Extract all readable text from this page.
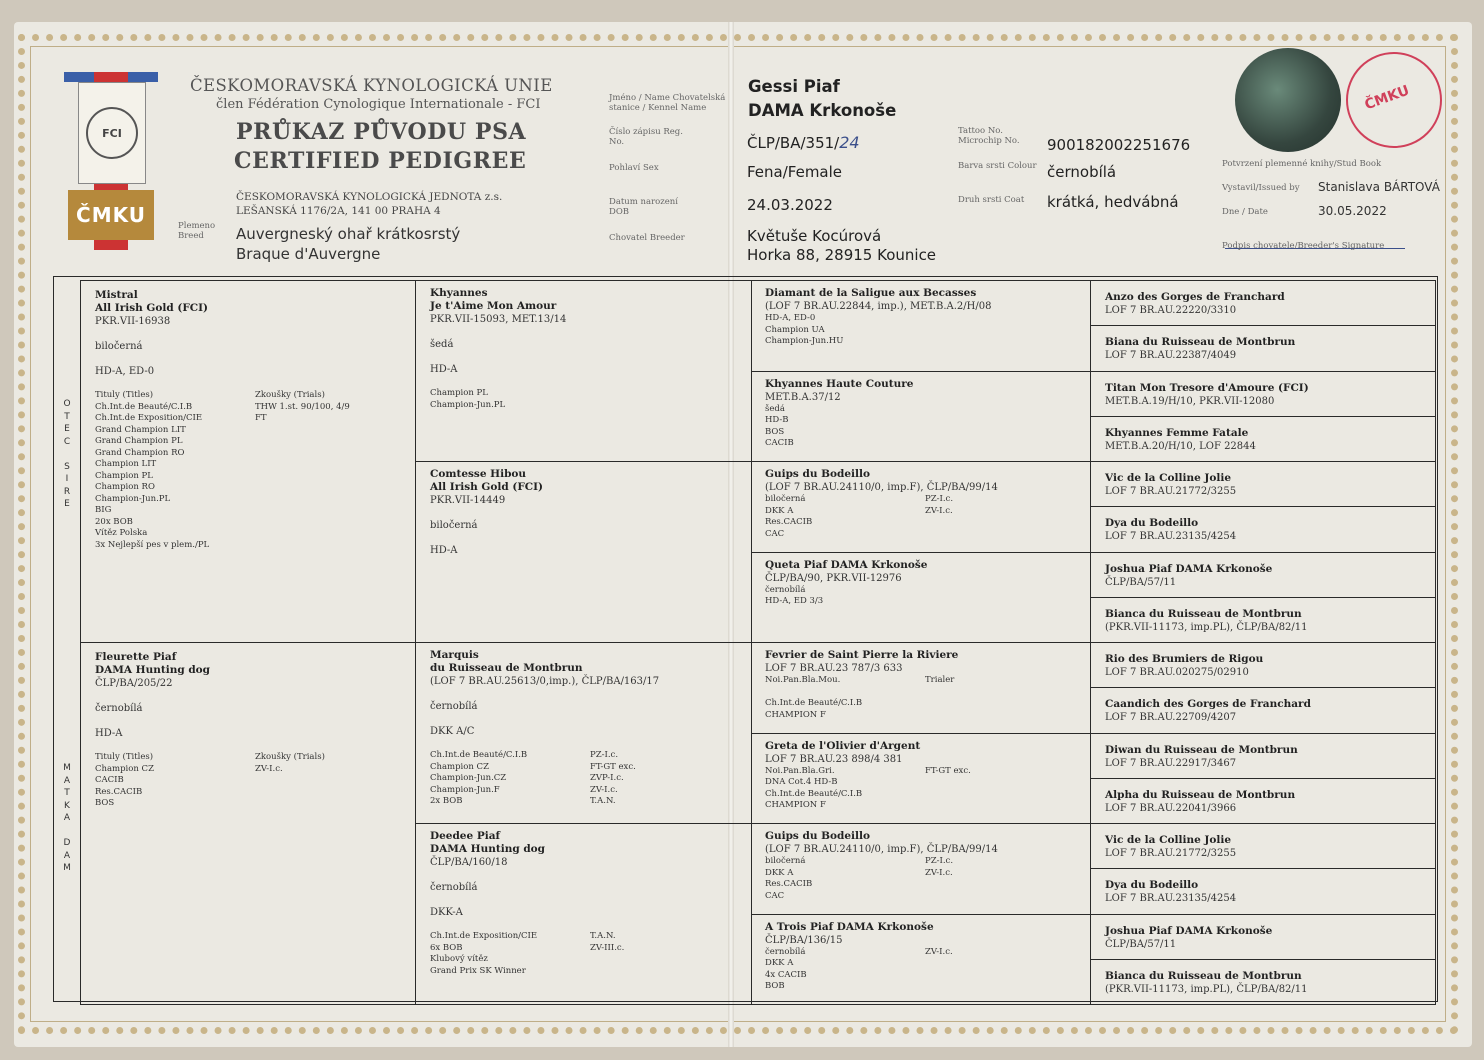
FCI
ČMKU
ČESKOMORAVSKÁ KYNOLOGICKÁ UNIE
člen Fédération Cynologique Internationale - FCI
PRŮKAZ PŮVODU PSA
CERTIFIED PEDIGREE
ČESKOMORAVSKÁ KYNOLOGICKÁ JEDNOTA z.s.
LEŠANSKÁ 1176/2A, 141 00 PRAHA 4
Plemeno Breed	Auvergneský ohař krátkosrstý
Braque d'Auvergne
Jméno / Name Chovatelská stanice / Kennel Name
Číslo zápisu Reg. No.
Pohlaví Sex
Datum narození DOB
Chovatel Breeder
Gessi Piaf
DAMA Krkonoše
ČLP/BA/351/24
Fena/Female
24.03.2022
Květuše Kocúrová
Horka 88, 28915 Kounice
Tattoo No. Microchip No.
Barva srsti Colour
Druh srsti Coat
900182002251676
černobílá
krátká, hedvábná
ČMKU
Potvrzení plemenné knihy/Stud Book
Vystavil/Issued by Stanislava BÁRTOVÁ
Dne / Date	30.05.2022
Podpis chovatele/Breeder's Signature
O
T
E
C

S
I
R
E
M
A
T
K
A

D
A
M
Mistral
All Irish Gold (FCI)
PKR.VII-16938
biločerná
HD-A, ED-0
Tituly (Titles)
Ch.Int.de Beauté/C.I.B
Ch.Int.de Exposition/CIE
Grand Champion LIT
Grand Champion PL
Grand Champion RO
Champion LIT
Champion PL
Champion RO
Champion-Jun.PL
BIG
20x BOB
Vítěz Polska
3x Nejlepší pes v plem./PL
Zkoušky (Trials)
THW 1.st. 90/100, 4/9
FT
Fleurette Piaf
DAMA Hunting dog
ČLP/BA/205/22
černobílá
HD-A
Tituly (Titles)
Champion CZ
CACIB
Res.CACIB
BOS
Zkoušky (Trials)
ZV-I.c.
Khyannes
Je t'Aime Mon Amour
PKR.VII-15093, MET.13/14
šedá
HD-A
Champion PL
Champion-Jun.PL
Comtesse Hibou
All Irish Gold (FCI)
PKR.VII-14449
biločerná
HD-A
Marquis
du Ruisseau de Montbrun
(LOF 7 BR.AU.25613/0,imp.), ČLP/BA/163/17
černobílá
DKK A/C
Ch.Int.de Beauté/C.I.B
Champion CZ
Champion-Jun.CZ
Champion-Jun.F
2x BOB
PZ-I.c.
FT-GT exc.
ZVP-I.c.
ZV-I.c.
T.A.N.
Deedee Piaf
DAMA Hunting dog
ČLP/BA/160/18
černobílá
DKK-A
Ch.Int.de Exposition/CIE
6x BOB
Klubový vítěz
Grand Prix SK Winner
T.A.N.
ZV-III.c.
Diamant de la Saligue aux Becasses
(LOF 7 BR.AU.22844, imp.), MET.B.A.2/H/08
HD-A, ED-0
Champion UA
Champion-Jun.HU
Khyannes Haute Couture
MET.B.A.37/12
šedá
HD-B
BOS
CACIB
Guips du Bodeillo
(LOF 7 BR.AU.24110/0, imp.F), ČLP/BA/99/14
biločerná
DKK A
Res.CACIB
CAC
PZ-I.c.
ZV-I.c.
Queta Piaf DAMA Krkonoše
ČLP/BA/90, PKR.VII-12976
černobílá
HD-A, ED 3/3
Fevrier de Saint Pierre la Riviere
LOF 7 BR.AU.23 787/3 633
Noi.Pan.Bla.Mou.

Ch.Int.de Beauté/C.I.B
CHAMPION F
Trialer
Greta de l'Olivier d'Argent
LOF 7 BR.AU.23 898/4 381
Noi.Pan.Bla.Gri.
DNA Cot.4 HD-B
Ch.Int.de Beauté/C.I.B
CHAMPION F
FT-GT exc.
Guips du Bodeillo
(LOF 7 BR.AU.24110/0, imp.F), ČLP/BA/99/14
biločerná
DKK A
Res.CACIB
CAC
PZ-I.c.
ZV-I.c.
A Trois Piaf DAMA Krkonoše
ČLP/BA/136/15
černobílá
DKK A
4x CACIB
BOB
ZV-I.c.
Anzo des Gorges de Franchard
LOF 7 BR.AU.22220/3310
Biana du Ruisseau de Montbrun
LOF 7 BR.AU.22387/4049
Titan Mon Tresore d'Amoure (FCI)
MET.B.A.19/H/10, PKR.VII-12080
Khyannes Femme Fatale
MET.B.A.20/H/10, LOF 22844
Vic de la Colline Jolie
LOF 7 BR.AU.21772/3255
Dya du Bodeillo
LOF 7 BR.AU.23135/4254
Joshua Piaf DAMA Krkonoše
ČLP/BA/57/11
Bianca du Ruisseau de Montbrun
(PKR.VII-11173, imp.PL), ČLP/BA/82/11
Rio des Brumiers de Rigou
LOF 7 BR.AU.020275/02910
Caandich des Gorges de Franchard
LOF 7 BR.AU.22709/4207
Diwan du Ruisseau de Montbrun
LOF 7 BR.AU.22917/3467
Alpha du Ruisseau de Montbrun
LOF 7 BR.AU.22041/3966
Vic de la Colline Jolie
LOF 7 BR.AU.21772/3255
Dya du Bodeillo
LOF 7 BR.AU.23135/4254
Joshua Piaf DAMA Krkonoše
ČLP/BA/57/11
Bianca du Ruisseau de Montbrun
(PKR.VII-11173, imp.PL), ČLP/BA/82/11
